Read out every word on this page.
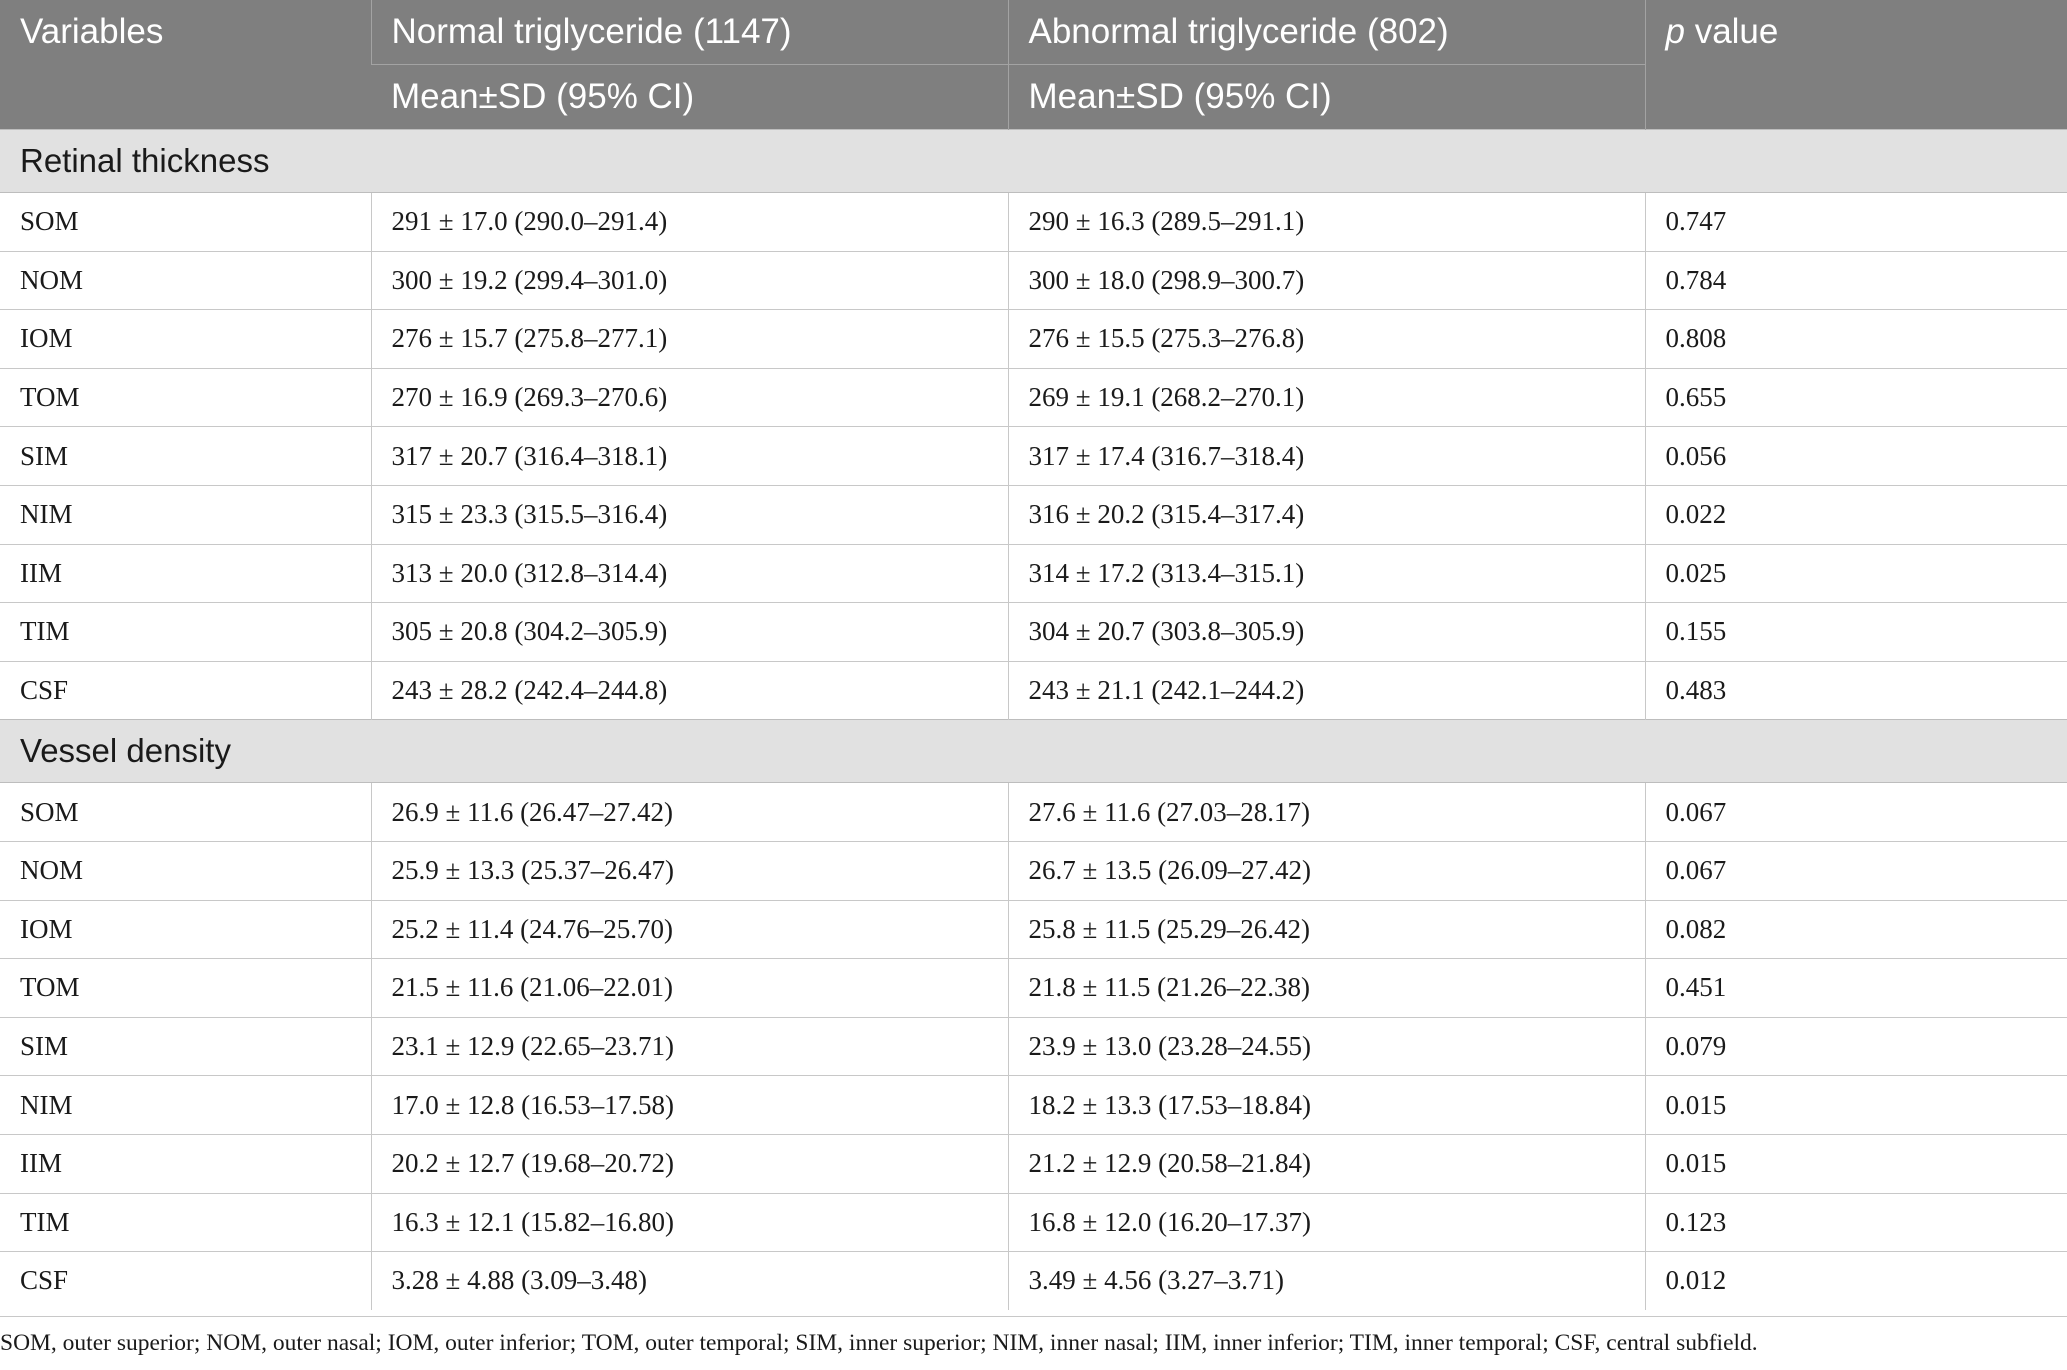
Variables	Normal triglyceride (1147)	Abnormal triglyceride (802)	p value
	Mean±SD (95% CI)	Mean±SD (95% CI)	
Retinal thickness			
SOM	291 ± 17.0 (290.0–291.4)	290 ± 16.3 (289.5–291.1)	0.747
NOM	300 ± 19.2 (299.4–301.0)	300 ± 18.0 (298.9–300.7)	0.784
IOM	276 ± 15.7 (275.8–277.1)	276 ± 15.5 (275.3–276.8)	0.808
TOM	270 ± 16.9 (269.3–270.6)	269 ± 19.1 (268.2–270.1)	0.655
SIM	317 ± 20.7 (316.4–318.1)	317 ± 17.4 (316.7–318.4)	0.056
NIM	315 ± 23.3 (315.5–316.4)	316 ± 20.2 (315.4–317.4)	0.022
IIM	313 ± 20.0 (312.8–314.4)	314 ± 17.2 (313.4–315.1)	0.025
TIM	305 ± 20.8 (304.2–305.9)	304 ± 20.7 (303.8–305.9)	0.155
CSF	243 ± 28.2 (242.4–244.8)	243 ± 21.1 (242.1–244.2)	0.483
Vessel density			
SOM	26.9 ± 11.6 (26.47–27.42)	27.6 ± 11.6 (27.03–28.17)	0.067
NOM	25.9 ± 13.3 (25.37–26.47)	26.7 ± 13.5 (26.09–27.42)	0.067
IOM	25.2 ± 11.4 (24.76–25.70)	25.8 ± 11.5 (25.29–26.42)	0.082
TOM	21.5 ± 11.6 (21.06–22.01)	21.8 ± 11.5 (21.26–22.38)	0.451
SIM	23.1 ± 12.9 (22.65–23.71)	23.9 ± 13.0 (23.28–24.55)	0.079
NIM	17.0 ± 12.8 (16.53–17.58)	18.2 ± 13.3 (17.53–18.84)	0.015
IIM	20.2 ± 12.7 (19.68–20.72)	21.2 ± 12.9 (20.58–21.84)	0.015
TIM	16.3 ± 12.1 (15.82–16.80)	16.8 ± 12.0 (16.20–17.37)	0.123
CSF	3.28 ± 4.88 (3.09–3.48)	3.49 ± 4.56 (3.27–3.71)	0.012
SOM, outer superior; NOM, outer nasal; IOM, outer inferior; TOM, outer temporal; SIM, inner superior; NIM, inner nasal; IIM, inner inferior; TIM, inner temporal; CSF, central subfield.
